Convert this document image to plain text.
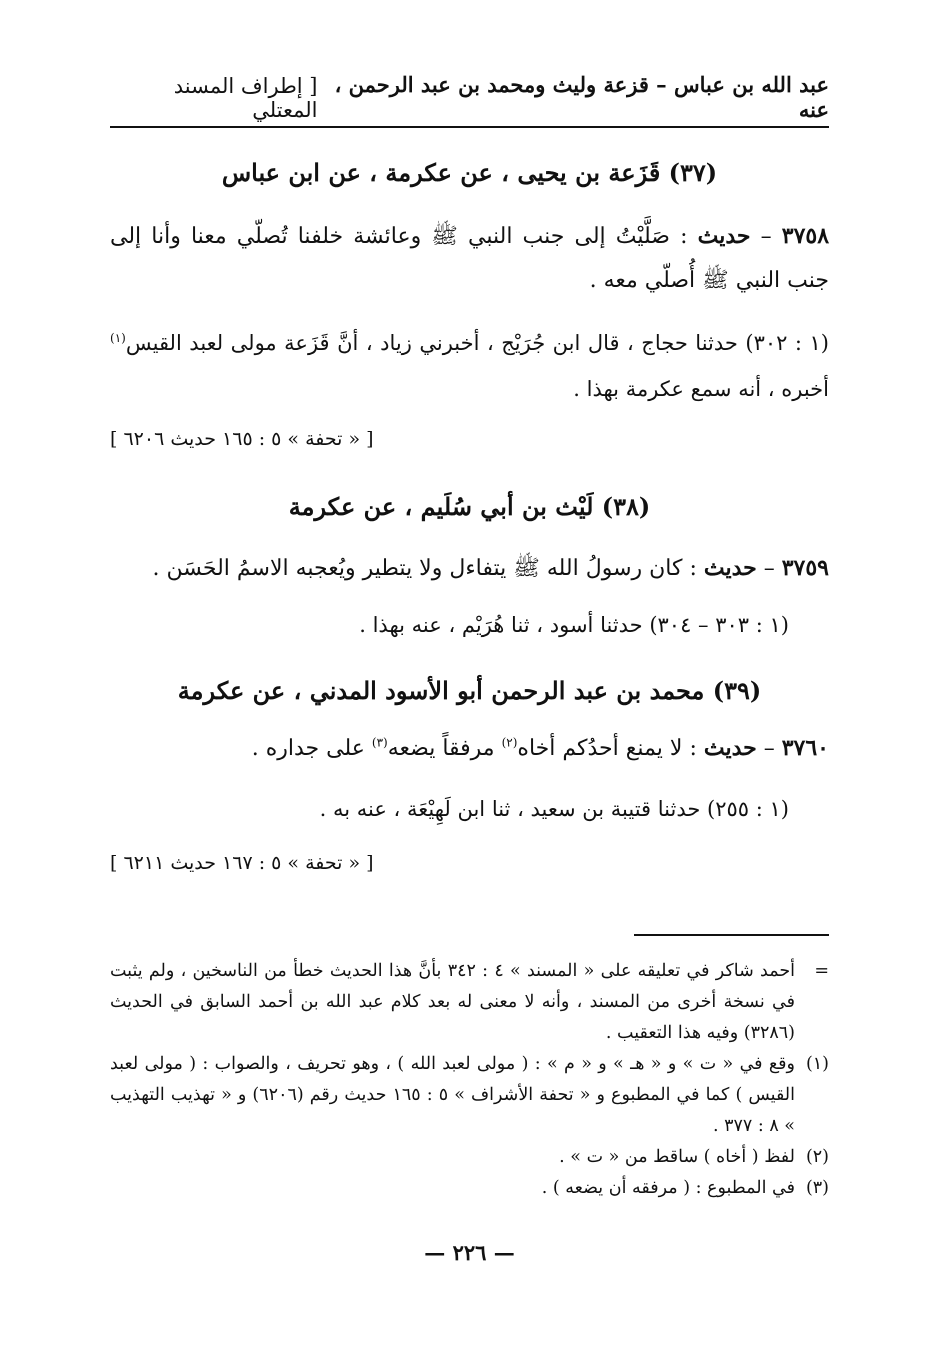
عبد الله بن عباس – قزعة وليث ومحمد بن عبد الرحمن ، عنه
[ إطراف المسند المعتلي
(٣٧) قَزَعة بن يحيى ، عن عكرمة ، عن ابن عباس
٣٧٥٨ – حديث : صَلَّيْتُ إلى جنب النبي ﷺ وعائشة خلفنا تُصلّي معنا وأنا إلى جنب النبي ﷺ أُصلّي معه .
(١ : ٣٠٢) حدثنا حجاج ، قال ابن جُرَيْج ، أخبرني زياد ، أنَّ قَزَعة مولى لعبد القيس$^{(١)}$ أخبره ، أنه سمع عكرمة بهذا .
[ « تحفة » ٥ : ١٦٥ حديث ٦٢٠٦ ]
(٣٨) لَيْث بن أبي سُلَيم ، عن عكرمة
٣٧٥٩ – حديث : كان رسولُ الله ﷺ يتفاءل ولا يتطير ويُعجبه الاسمُ الحَسَن .
(١ : ٣٠٣ – ٣٠٤) حدثنا أسود ، ثنا هُرَيْم ، عنه بهذا .
(٣٩) محمد بن عبد الرحمن أبو الأسود المدني ، عن عكرمة
٣٧٦٠ – حديث : لا يمنع أحدُكم أخاه$^{(٢)}$ مرفقاً يضعه$^{(٣)}$ على جداره .
(١ : ٢٥٥) حدثنا قتيبة بن سعيد ، ثنا ابن لَهِيْعَة ، عنه به .
[ « تحفة » ٥ : ١٦٧ حديث ٦٢١١ ]
=
أحمد شاكر في تعليقه على « المسند » ٤ : ٣٤٢ بأنَّ هذا الحديث خطأ من الناسخين ، ولم يثبت في نسخة أخرى من المسند ، وأنه لا معنى له بعد كلام عبد الله بن أحمد السابق في الحديث (٣٢٨٦) وفيه هذا التعقيب .
(١)
وقع في « ت » و « هـ » و « م » : ( مولى لعبد الله ) ، وهو تحريف ، والصواب : ( مولى لعبد القيس ) كما في المطبوع و « تحفة الأشراف » ٥ : ١٦٥ حديث رقم (٦٢٠٦) و « تهذيب التهذيب » ٨ : ٣٧٧ .
(٢)
لفظ ( أخاه ) ساقط من « ت » .
(٣)
في المطبوع : ( مرفقه أن يضعه ) .
— ٢٢٦ —
